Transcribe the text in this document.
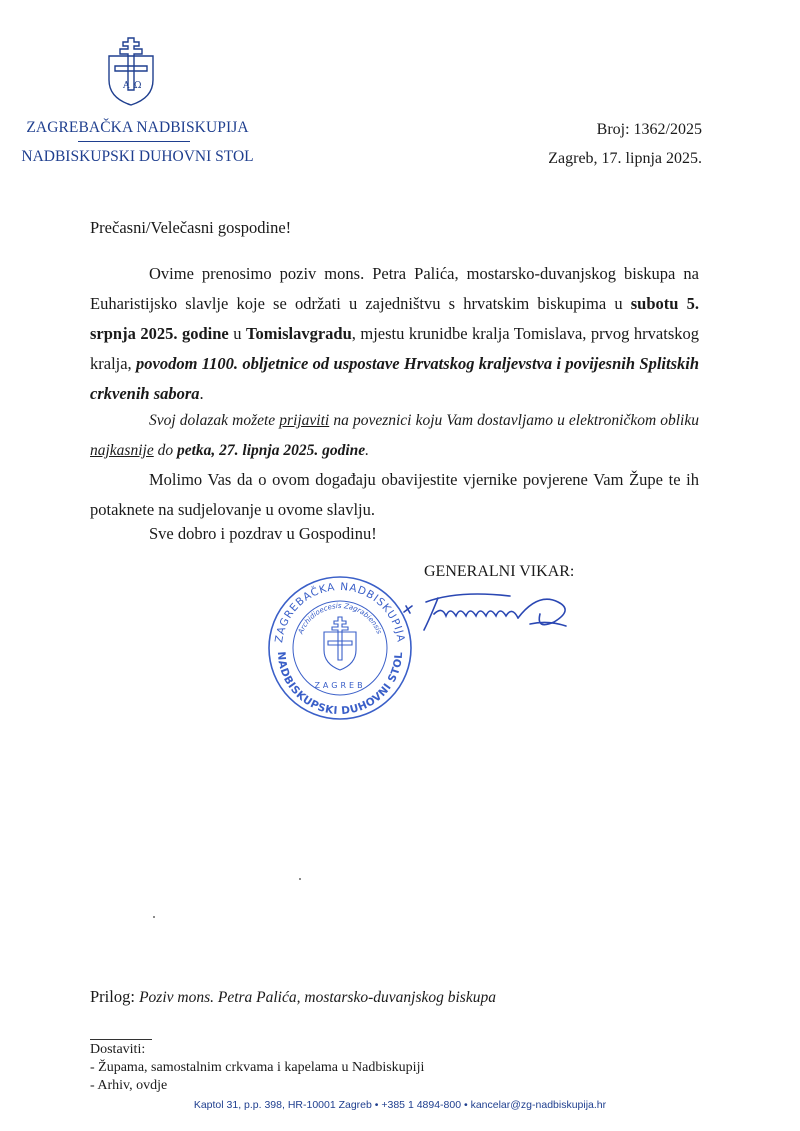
A Ω
ZAGREBAČKA NADBISKUPIJA
NADBISKUPSKI DUHOVNI STOL
Broj: 1362/2025
Zagreb, 17. lipnja 2025.
Prečasni/Velečasni gospodine!
Ovime prenosimo poziv mons. Petra Palića, mostarsko-duvanjskog biskupa na Euharistijsko slavlje koje se održati u zajedništvu s hrvatskim biskupima u subotu 5. srpnja 2025. godine u Tomislavgradu, mjestu krunidbe kralja Tomislava, prvog hrvatskog kralja, povodom 1100. obljetnice od uspostave Hrvatskog kraljevstva i povijesnih Splitskih crkvenih sabora.
Svoj dolazak možete prijaviti na poveznici koju Vam dostavljamo u elektroničkom obliku najkasnije do petka, 27. lipnja 2025. godine.
Molimo Vas da o ovom događaju obavijestite vjernike povjerene Vam Župe te ih potaknete na sudjelovanje u ovome slavlju.
Sve dobro i pozdrav u Gospodinu!
GENERALNI VIKAR:
ZAGREBAČKA NADBISKUPIJA
Archidioecesis Zagrabiensis
NADBISKUPSKI DUHOVNI STOL
ZAGREB
Prilog: Poziv mons. Petra Palića, mostarsko-duvanjskog biskupa
Dostaviti:
- Župama, samostalnim crkvama i kapelama u Nadbiskupiji
- Arhiv, ovdje
Kaptol 31, p.p. 398, HR-10001 Zagreb • +385 1 4894-800 • kancelar@zg-nadbiskupija.hr
